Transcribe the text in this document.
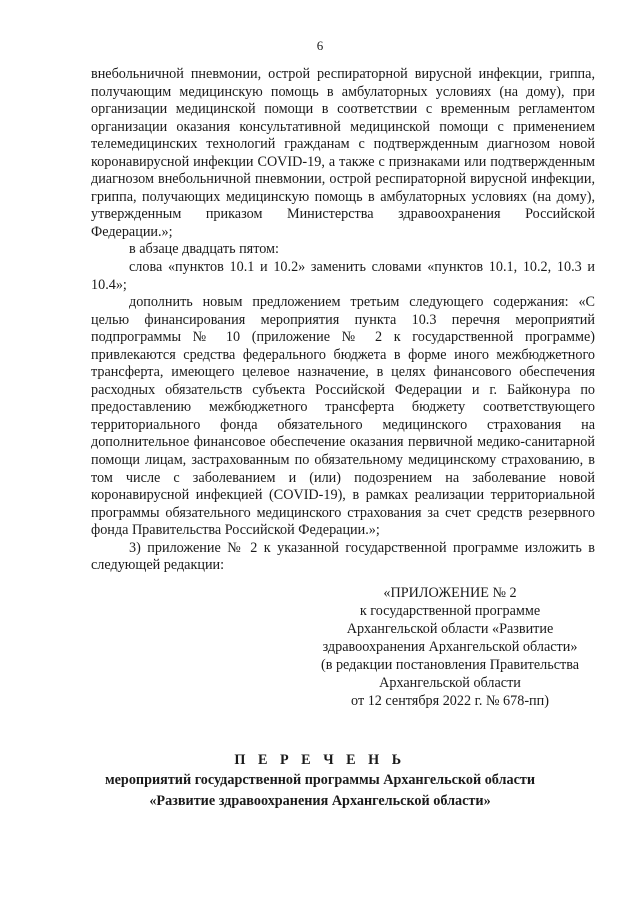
6

внебольничной пневмонии, острой респираторной вирусной инфекции, гриппа, получающим медицинскую помощь в амбулаторных условиях (на дому), при организации медицинской помощи в соответствии с временным регламентом организации оказания консультативной медицинской помощи с применением телемедицинских технологий гражданам с подтвержденным диагнозом новой коронавирусной инфекции COVID-19, а также с признаками или подтвержденным диагнозом внебольничной пневмонии, острой респираторной вирусной инфекции, гриппа, получающих медицинскую помощь в амбулаторных условиях (на дому), утвержденным приказом Министерства здравоохранения Российской Федерации.»;

в абзаце двадцать пятом:

слова «пунктов 10.1 и 10.2» заменить словами «пунктов 10.1, 10.2, 10.3 и 10.4»;

дополнить новым предложением третьим следующего содержания: «С целью финансирования мероприятия пункта 10.3 перечня мероприятий подпрограммы № 10 (приложение № 2 к государственной программе) привлекаются средства федерального бюджета в форме иного межбюджетного трансферта, имеющего целевое назначение, в целях финансового обеспечения расходных обязательств субъекта Российской Федерации и г. Байконура по предоставлению межбюджетного трансферта бюджету соответствующего территориального фонда обязательного медицинского страхования на дополнительное финансовое обеспечение оказания первичной медико-санитарной помощи лицам, застрахованным по обязательному медицинскому страхованию, в том числе с заболеванием и (или) подозрением на заболевание новой коронавирусной инфекцией (COVID-19), в рамках реализации территориальной программы обязательного медицинского страхования за счет средств резервного фонда Правительства Российской Федерации.»;

3) приложение № 2 к указанной государственной программе изложить в следующей редакции:

«ПРИЛОЖЕНИЕ № 2
к государственной программе
Архангельской области «Развитие
здравоохранения Архангельской области»
(в редакции постановления Правительства
Архангельской области
от 12 сентября 2022 г. № 678-пп)
П Е Р Е Ч Е Н Ь
мероприятий государственной программы Архангельской области
«Развитие здравоохранения Архангельской области»
